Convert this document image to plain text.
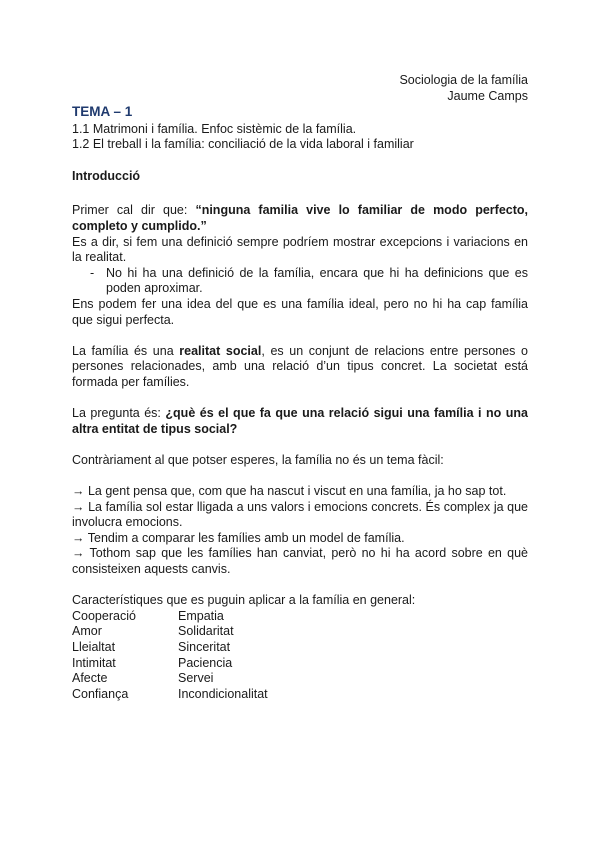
Sociologia de la família
Jaume Camps
TEMA – 1
1.1 Matrimoni i família. Enfoc sistèmic de la família.
1.2 El treball i la família: conciliació de la vida laboral i familiar
Introducció

Primer cal dir que: “ninguna familia vive lo familiar de modo perfecto, completo y cumplido.”

Es a dir, si fem una definició sempre podríem mostrar excepcions i variacions en la realitat.

- No hi ha una definició de la família, encara que hi ha definicions que es poden aproximar.

Ens podem fer una idea del que es una família ideal, pero no hi ha cap família que sigui perfecta.

La família és una realitat social, es un conjunt de relacions entre persones o persones relacionades, amb una relació d’un tipus concret. La societat está formada per famílies.

La pregunta és: ¿què és el que fa que una relació sigui una família i no una altra entitat de tipus social?

Contràriament al que potser esperes, la família no és un tema fàcil:

→ La gent pensa que, com que ha nascut i viscut en una família, ja ho sap tot.

→ La família sol estar lligada a uns valors i emocions concrets. És complex ja que involucra emocions.

→ Tendim a comparar les famílies amb un model de família.

→ Tothom sap que les famílies han canviat, però no hi ha acord sobre en què consisteixen aquests canvis.

Característiques que es puguin aplicar a la família en general:

Cooperació	Empatia
Amor	Solidaritat
Lleialtat	Sinceritat
Intimitat	Paciencia
Afecte	Servei
Confiança	Incondicionalitat
